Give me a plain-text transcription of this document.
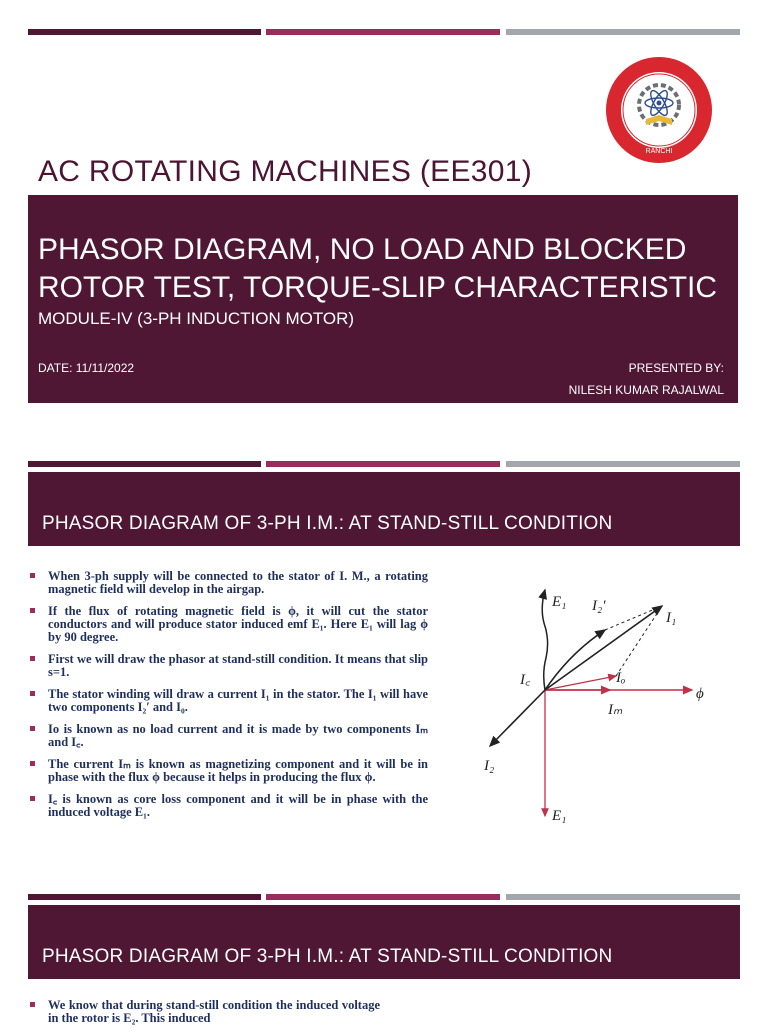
RANCHI
AC ROTATING MACHINES (EE301)
PHASOR DIAGRAM, NO LOAD AND BLOCKED ROTOR TEST, TORQUE-SLIP CHARACTERISTIC
MODULE-IV (3-PH INDUCTION MOTOR)
DATE: 11/11/2022	PRESENTED BY:
NILESH KUMAR RAJALWAL
PHASOR DIAGRAM OF 3-PH I.M.: AT STAND-STILL CONDITION
When 3-ph supply will be connected to the stator of I. M., a rotating magnetic field will develop in the airgap.
If the flux of rotating magnetic field is ϕ, it will cut the stator conductors and will produce stator induced emf E₁. Here E₁ will lag ϕ by 90 degree.
First we will draw the phasor at stand-still condition. It means that slip s=1.
The stator winding will draw a current I₁ in the stator. The I₁ will have two components I₂′ and I₀.
Io is known as no load current and it is made by two components Iₘ and I꜀.
The current Iₘ is known as magnetizing component and it will be in phase with the flux ϕ because it helps in producing the flux ϕ.
I꜀ is known as core loss component and it will be in phase with the induced voltage E₁.
E₁ I₂′
I₁
I꜀	Iₒ
ϕ
Iₘ
I₂
E₁
PHASOR DIAGRAM OF 3-PH I.M.: AT STAND-STILL CONDITION
We know that during stand-still condition the induced voltage in the rotor is E₂. This induced
